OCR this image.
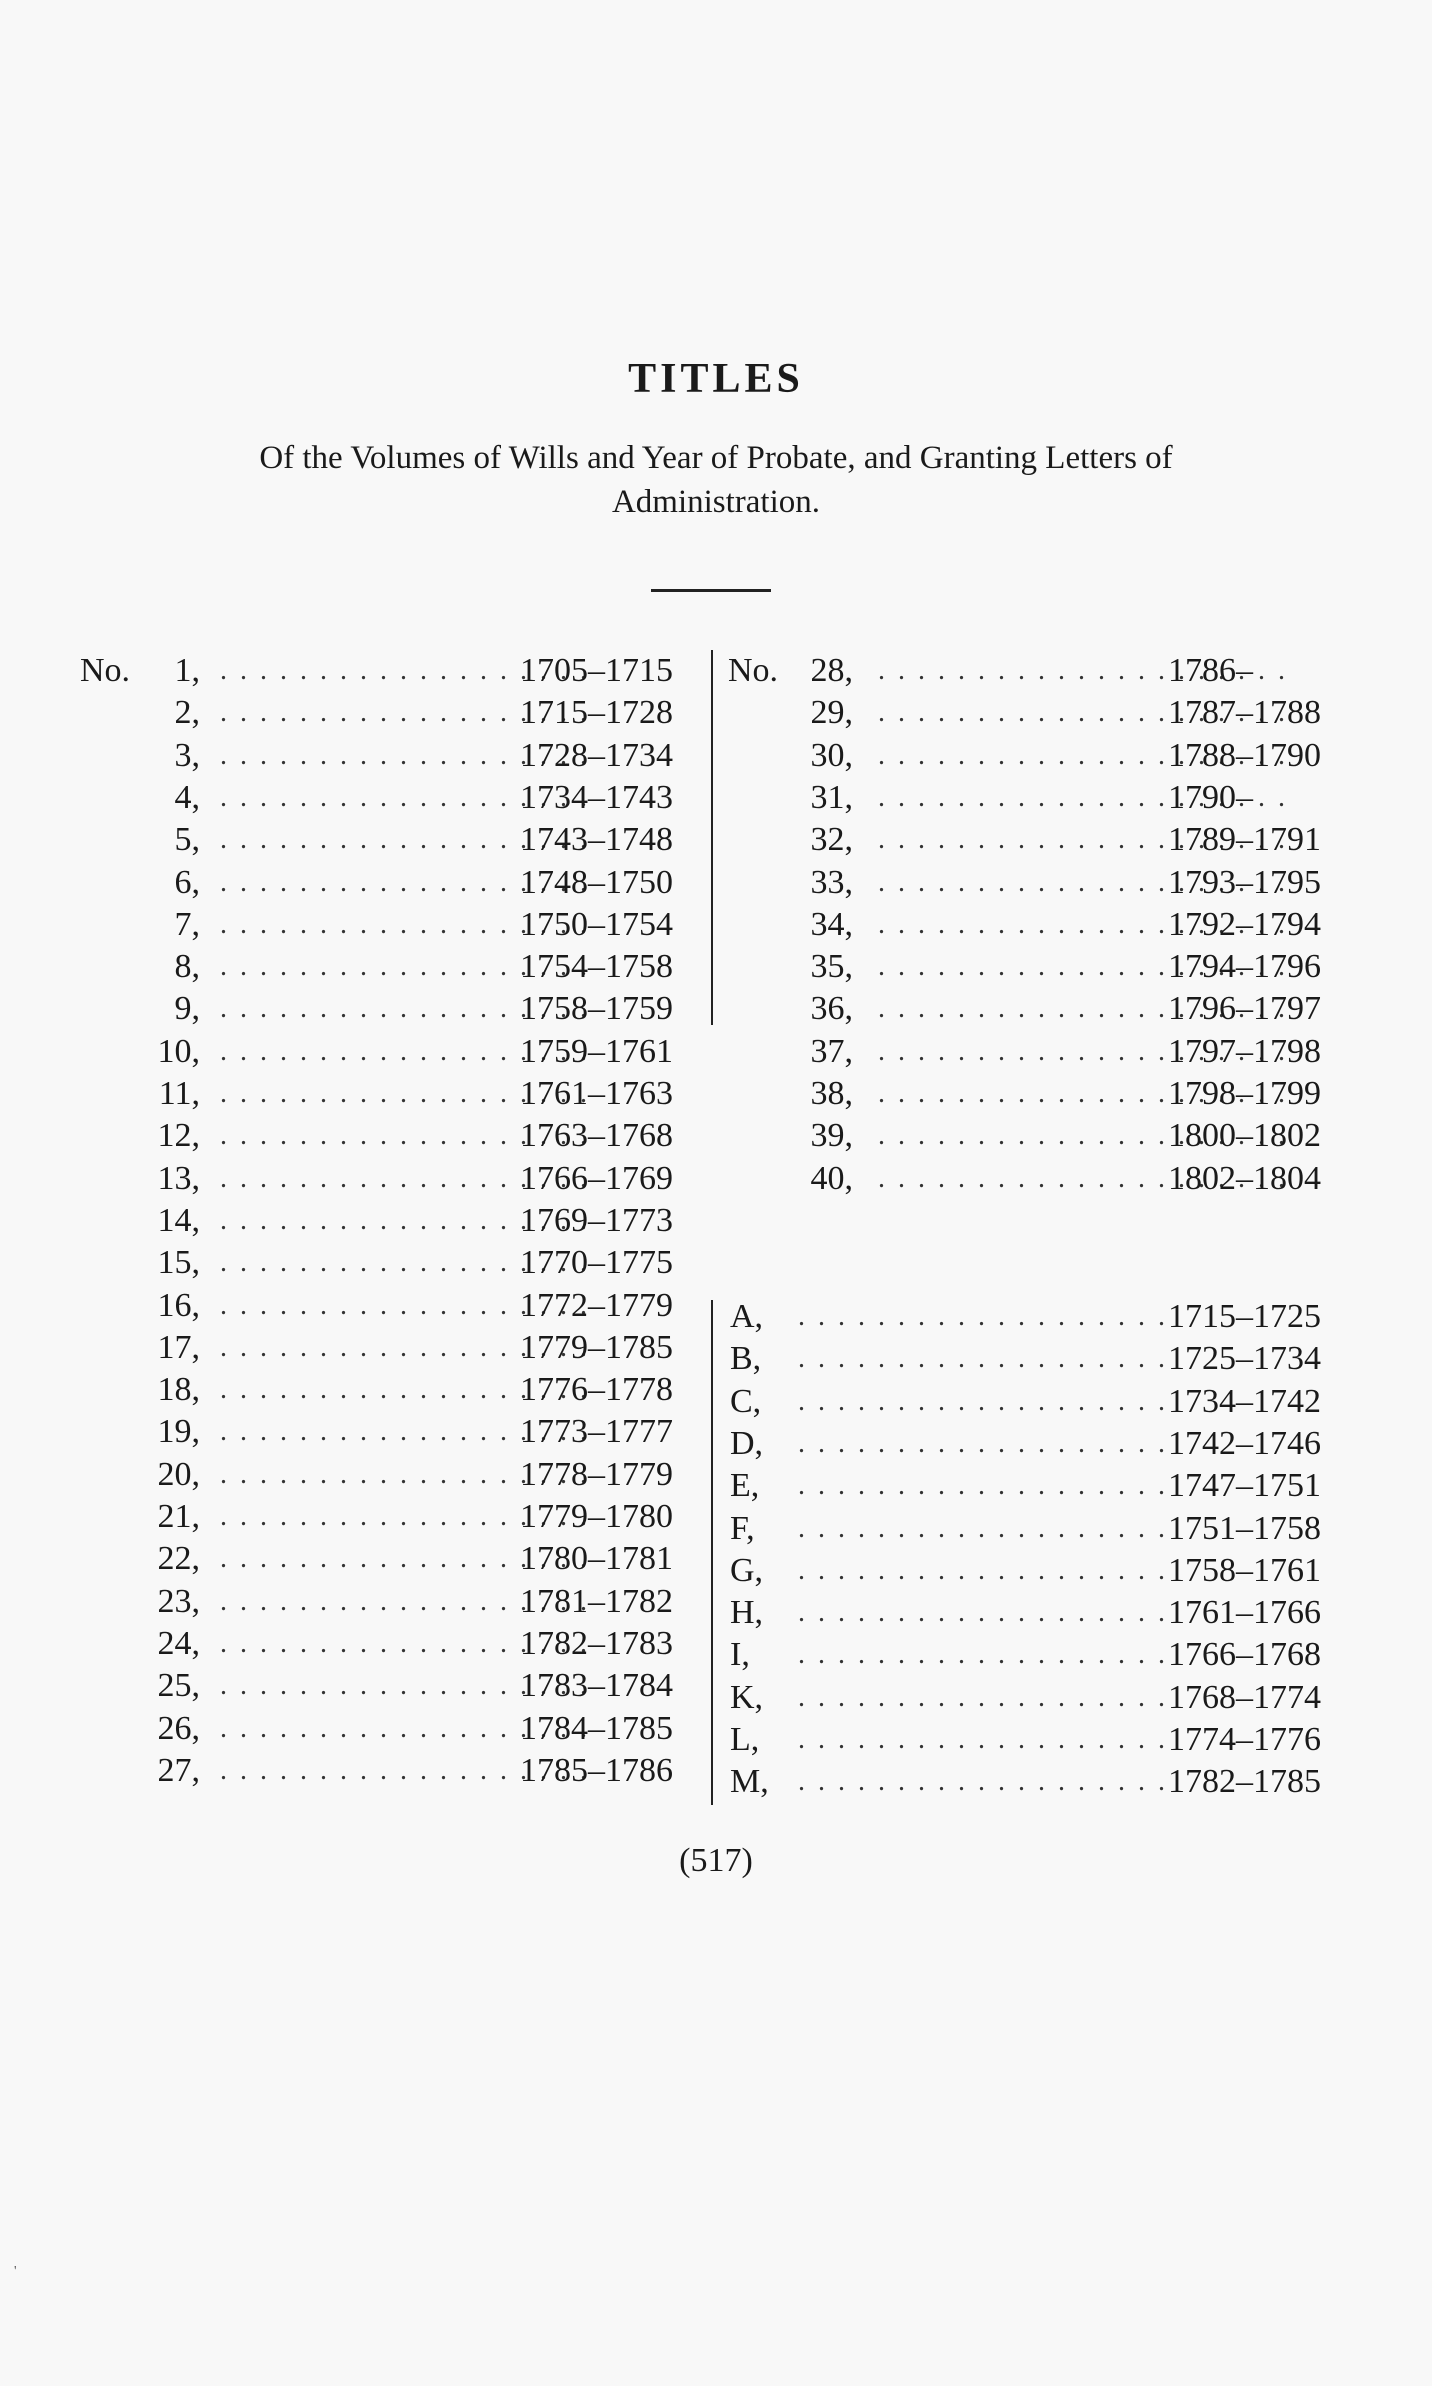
TITLES

Of the Volumes of Wills and Year of Probate, and Granting Letters of
Administration.

No.	1, . . .	1705–1715
2, . . .	1715–1728
3, . . .	1728–1734
4, . . .	1734–1743
5, . . .	1743–1748
6, . . .	1748–1750
7, . . .	1750–1754
8, . . .	1754–1758
9, . . .	1758–1759
10, . . .	1759–1761
11, . . .	1761–1763
12, . . .	1763–1768
13, . . .	1766–1769
14, . . .	1769–1773
15, . . .	1770–1775
16, . . .	1772–1779
17, . . .	1779–1785
18, . . .	1776–1778
19, . . .	1773–1777
20, . . .	1778–1779
21, . . .	1779–1780
22, . . .	1780–1781
23, . . .	1781–1782
24, . . .	1782–1783
25, . . .	1783–1784
26, . . .	1784–1785
27, . . .	1785–1786
No. 28, . . .	1786–
29, . . .	1787–1788
30, . . .	1788–1790
31, . . .	1790–
32, . . .	1789–1791
33, . . .	1793–1795
34, . . .	1792–1794
35, . . .	1794–1796
36, . . .	1796–1797
37, . . .	1797–1798
38, . . .	1798–1799
39, . . .	1800–1802
40, . . .	1802–1804
A, . . .	1715–1725
B, . . .	1725–1734
C, . . .	1734–1742
D, . . .	1742–1746
E, . . .	1747–1751
F, . . .	1751–1758
G, . . .	1758–1761
H, . . .	1761–1766
I, . . .	1766–1768
K, . . .	1768–1774
L, . . .	1774–1776
M, . . .	1782–1785

(517)

'
